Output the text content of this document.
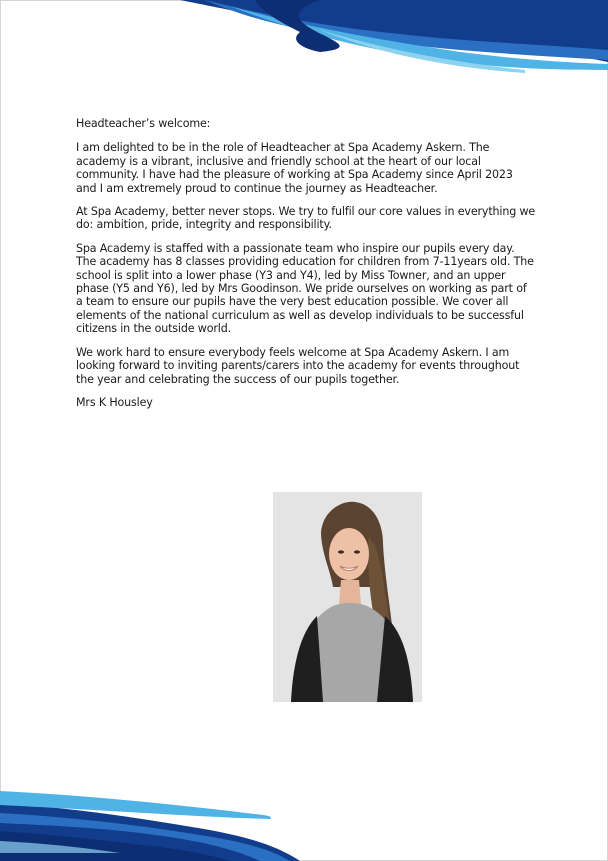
Headteacher’s welcome:

I am delighted to be in the role of Headteacher at Spa Academy Askern. The academy is a vibrant, inclusive and friendly school at the heart of our local community. I have had the pleasure of working at Spa Academy since April 2023 and I am extremely proud to continue the journey as Headteacher.

At Spa Academy, better never stops. We try to fulfil our core values in everything we do: ambition, pride, integrity and responsibility.

Spa Academy is staffed with a passionate team who inspire our pupils every day. The academy has 8 classes providing education for children from 7-11years old. The school is split into a lower phase (Y3 and Y4), led by Miss Towner, and an upper phase (Y5 and Y6), led by Mrs Goodinson. We pride ourselves on working as part of a team to ensure our pupils have the very best education possible. We cover all elements of the national curriculum as well as develop individuals to be successful citizens in the outside world.

We work hard to ensure everybody feels welcome at Spa Academy Askern. I am looking forward to inviting parents/carers into the academy for events throughout the year and celebrating the success of our pupils together.

Mrs K Housley
